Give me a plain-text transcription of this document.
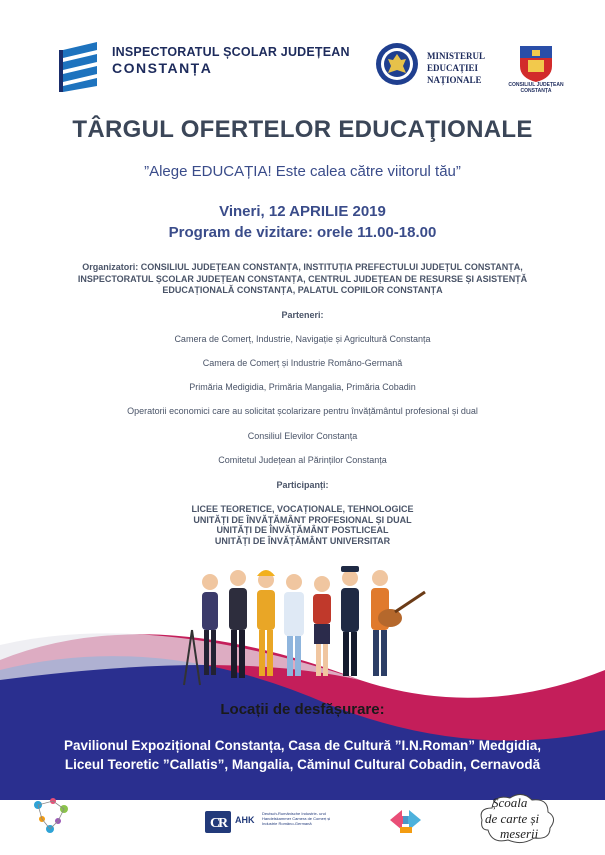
INSPECTORATUL ȘCOLAR JUDEȚEAN
CONSTANȚA
MINISTERUL
EDUCAȚIEI
NAȚIONALE	CONSILIUL JUDEȚEAN CONSTANȚA
TÂRGUL OFERTELOR EDUCAŢIONALE
”Alege EDUCAȚIA! Este calea către viitorul tău”
Vineri, 12 APRILIE 2019
Program de vizitare: orele 11.00-18.00
Organizatori: CONSILIUL JUDEȚEAN CONSTANȚA, INSTITUȚIA PREFECTULUI JUDEȚUL CONSTANȚA, INSPECTORATUL ȘCOLAR JUDEȚEAN CONSTANȚA, CENTRUL JUDEȚEAN DE RESURSE ȘI ASISTENȚĂ EDUCAȚIONALĂ CONSTANȚA, PALATUL COPIILOR CONSTANȚA
Parteneri:
Camera de Comerț, Industrie, Navigație și Agricultură Constanța
Camera de Comerț și Industrie Româno-Germană
Primăria Medigidia, Primăria Mangalia, Primăria Cobadin
Operatorii economici care au solicitat școlarizare pentru învățământul profesional și dual
Consiliul Elevilor Constanța
Comitetul Județean al Părinților Constanța
Participanți:
LICEE TEORETICE, VOCAȚIONALE, TEHNOLOGICE
UNITĂȚI DE ÎNVĂȚĂMÂNT PROFESIONAL ȘI DUAL
UNITĂȚI DE ÎNVĂȚĂMÂNT POSTLICEAL
UNITĂȚI DE ÎNVĂȚĂMÂNT UNIVERSITAR
Locații de desfășurare:
Pavilionul Expozițional Constanța, Casa de Cultură ”I.N.Roman” Medgidia,
Liceul Teoretic ”Callatis”, Mangalia, Căminul Cultural Cobadin, Cernavodă
C
R AHK
Deutsch-Rumänische Industrie- und Handelskammer Camera de Comerț și Industrie Româno-Germană
Școala
de carte și
meserii
